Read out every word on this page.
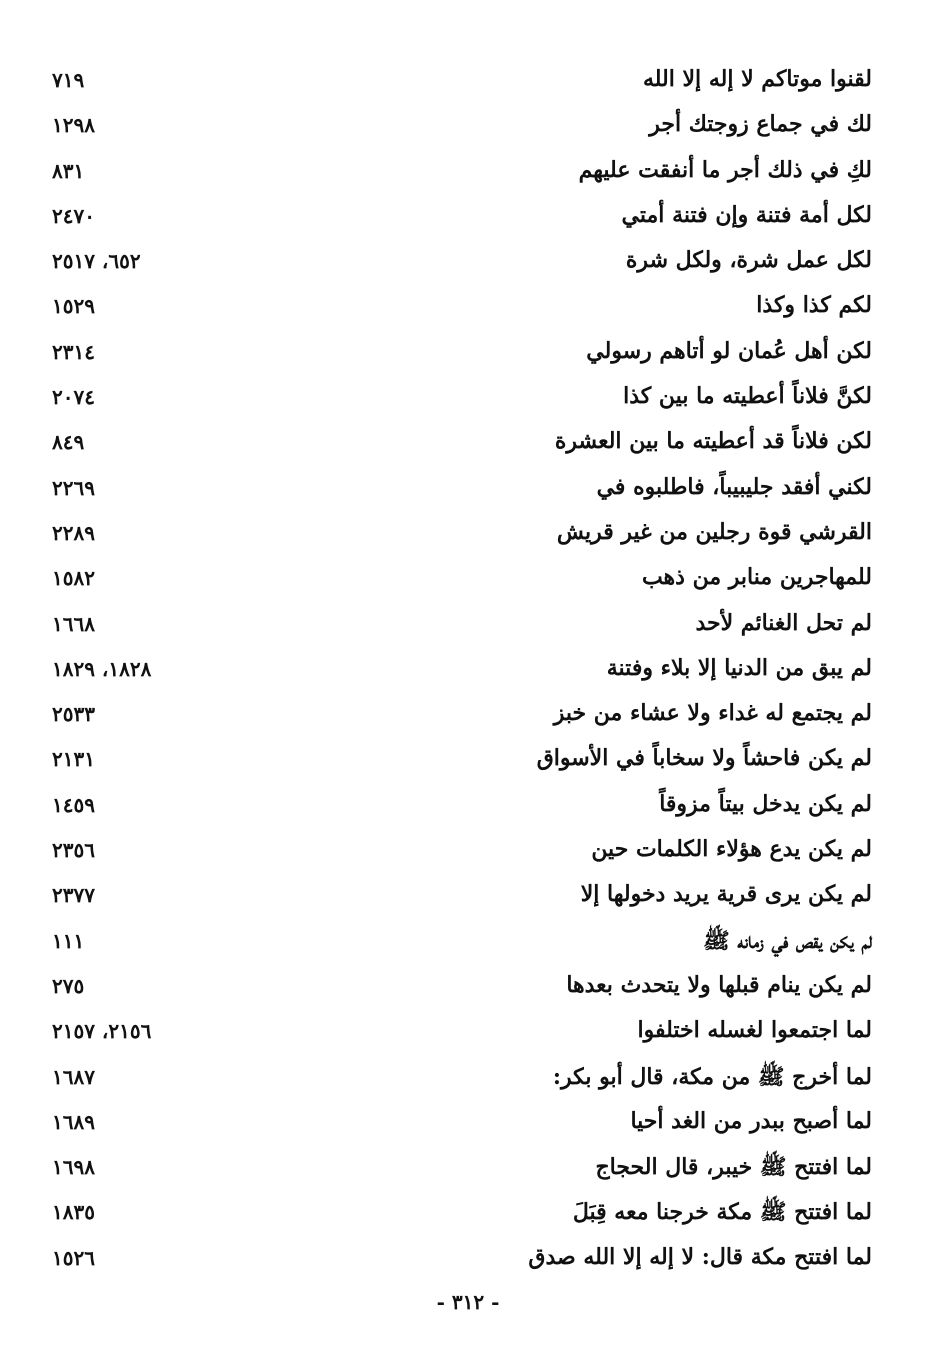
لقنوا موتاكم لا إله إلا الله
٧١٩
لك في جماع زوجتك أجر
١٢٩٨
لكِ في ذلك أجر ما أنفقت عليهم
٨٣١
لكل أمة فتنة وإن فتنة أمتي
٢٤٧٠
لكل عمل شرة، ولكل شرة
٦٥٢، ٢٥١٧
لكم كذا وكذا
١٥٢٩
لكن أهل عُمان لو أتاهم رسولي
٢٣١٤
لكنَّ فلاناً أعطيته ما بين كذا
٢٠٧٤
لكن فلاناً قد أعطيته ما بين العشرة
٨٤٩
لكني أفقد جليبيباً، فاطلبوه في
٢٢٦٩
القرشي قوة رجلين من غير قريش
٢٢٨٩
للمهاجرين منابر من ذهب
١٥٨٢
لم تحل الغنائم لأحد
١٦٦٨
لم يبق من الدنيا إلا بلاء وفتنة
١٨٢٨، ١٨٢٩
لم يجتمع له غداء ولا عشاء من خبز
٢٥٣٣
لم يكن فاحشاً ولا سخاباً في الأسواق
٢١٣١
لم يكن يدخل بيتاً مزوقاً
١٤٥٩
لم يكن يدع هؤلاء الكلمات حين
٢٣٥٦
لم يكن يرى قرية يريد دخولها إلا
٢٣٧٧
لم يكن يقص في زمانه ﷺ
١١١
لم يكن ينام قبلها ولا يتحدث بعدها
٢٧٥
لما اجتمعوا لغسله اختلفوا
٢١٥٦، ٢١٥٧
لما أخرج ﷺ من مكة، قال أبو بكر:
١٦٨٧
لما أصبح ببدر من الغد أحيا
١٦٨٩
لما افتتح ﷺ خيبر، قال الحجاج
١٦٩٨
لما افتتح ﷺ مكة خرجنا معه قِبَلَ
١٨٣٥
لما افتتح مكة قال: لا إله إلا الله صدق
١٥٢٦
- ٣١٢ -
